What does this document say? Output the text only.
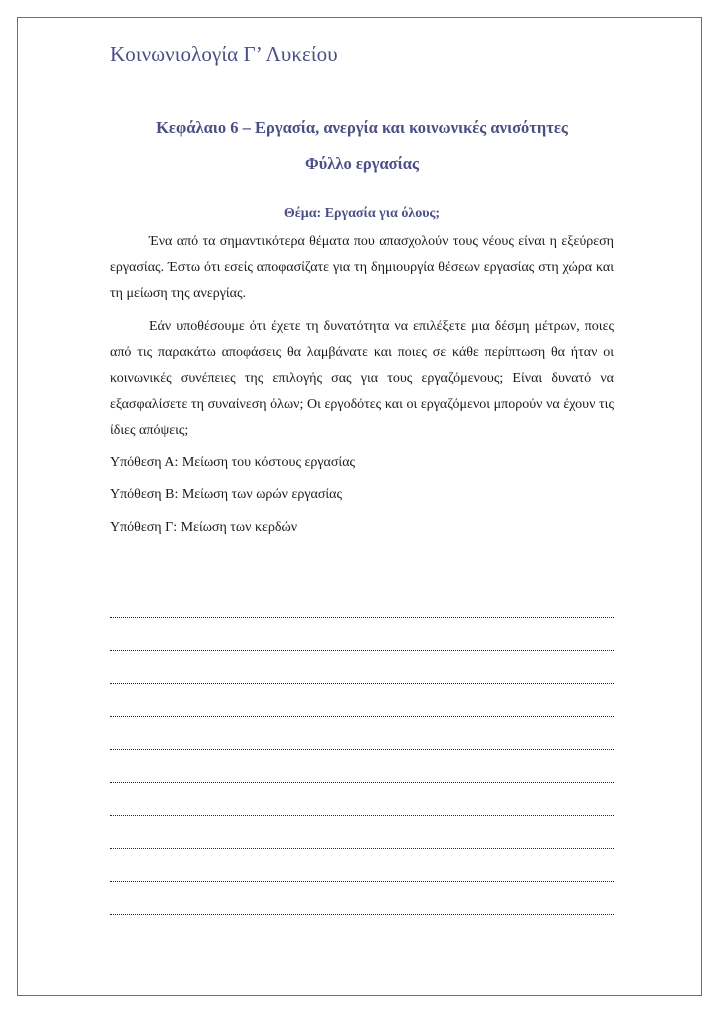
Κοινωνιολογία Γ’ Λυκείου
Κεφάλαιο 6 – Εργασία, ανεργία και κοινωνικές ανισότητες
Φύλλο εργασίας
Θέμα: Εργασία για όλους;

Ένα από τα σημαντικότερα θέματα που απασχολούν τους νέους είναι η εξεύρεση εργασίας. Έστω ότι εσείς αποφασίζατε για τη δημιουργία θέσεων εργασίας στη χώρα και τη μείωση της ανεργίας.

Εάν υποθέσουμε ότι έχετε τη δυνατότητα να επιλέξετε μια δέσμη μέτρων, ποιες από τις παρακάτω αποφάσεις θα λαμβάνατε και ποιες σε κάθε περίπτωση θα ήταν οι κοινωνικές συνέπειες της επιλογής σας για τους εργαζόμενους; Είναι δυνατό να εξασφαλίσετε τη συναίνεση όλων; Οι εργοδότες και οι εργαζόμενοι μπορούν να έχουν τις ίδιες απόψεις;

Υπόθεση Α: Μείωση του κόστους εργασίας
Υπόθεση Β: Μείωση των ωρών εργασίας
Υπόθεση Γ: Μείωση των κερδών
